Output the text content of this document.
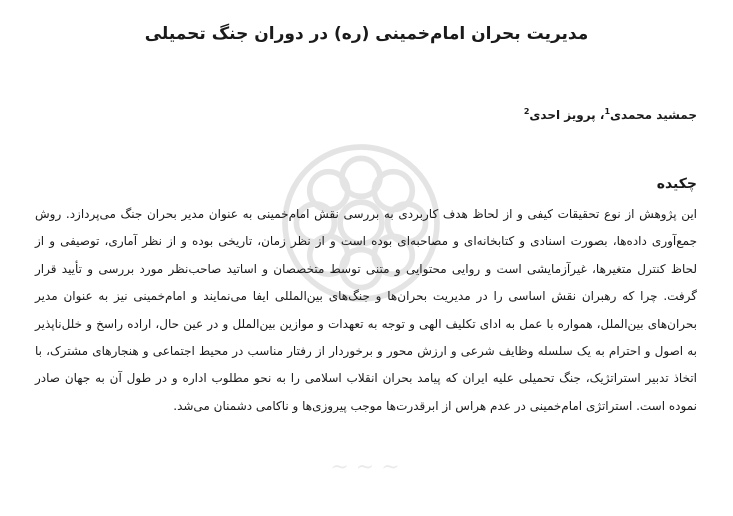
~ ~ ~
مدیریت بحران امام‌خمینی (ره) در دوران جنگ تحمیلی

جمشید محمدی$^1$، پرویز احدی$^2$

چکیده

این پژوهش از نوع تحقیقات کیفی و از لحاظ هدف کاربردی به بررسی نقش امام‌خمینی به عنوان مدیر بحران جنگ می‌پردازد. روش جمع‌آوری داده‌ها، بصورت اسنادی و کتابخانه‌ای و مصاحبه‌ای بوده است و از نظر زمان، تاریخی بوده و از نظر آماری، توصیفی و از لحاظ کنترل متغیرها، غیرآزمایشی است و روایی محتوایی و متنی توسط متخصصان و اساتید صاحب‌نظر مورد بررسی و تأیید قرار گرفت. چرا که رهبران نقش اساسی را در مدیریت بحران‌ها و جنگ‌های بین‌المللی ایفا می‌نمایند و امام‌خمینی نیز به عنوان مدیر بحران‌های بین‌الملل، همواره با عمل به ادای تکلیف الهی و توجه به تعهدات و موازین بین‌الملل و در عین حال، اراده راسخ و خلل‌ناپذیر به اصول و احترام به یک سلسله وظایف شرعی و ارزش محور و برخوردار از رفتار مناسب در محیط اجتماعی و هنجارهای مشترک، با اتخاذ تدبیر استراتژیک، جنگ تحمیلی علیه ایران که پیامد بحران انقلاب اسلامی را به نحو مطلوب اداره و در طول آن به جهان صادر نموده است. استراتژی امام‌خمینی در عدم هراس از ابرقدرت‌ها موجب پیروزی‌ها و ناکامی دشمنان می‌شد.
